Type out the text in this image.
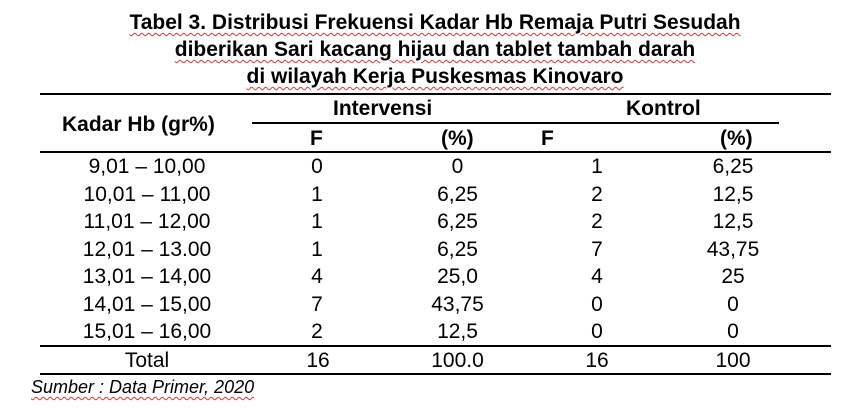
Tabel 3. Distribusi Frekuensi Kadar Hb Remaja Putri Sesudah
diberikan Sari kacang hijau dan tablet tambah darah
di wilayah Kerja Puskesmas Kinovaro
Kadar Hb (gr%)
Intervensi	Kontrol
F	(%)	F	(%)
9,01 – 10,00	0	0	1	6,25
10,01 – 11,00	1	6,25	2	12,5
11,01 – 12,00	1	6,25	2	12,5
12,01 – 13.00	1	6,25	7	43,75
13,01 – 14,00	4	25,0	4	25
14,01 – 15,00	7	43,75	0	0
15,01 – 16,00	2	12,5	0	0
Total	16	100.0	16	100
Sumber : Data Primer, 2020
